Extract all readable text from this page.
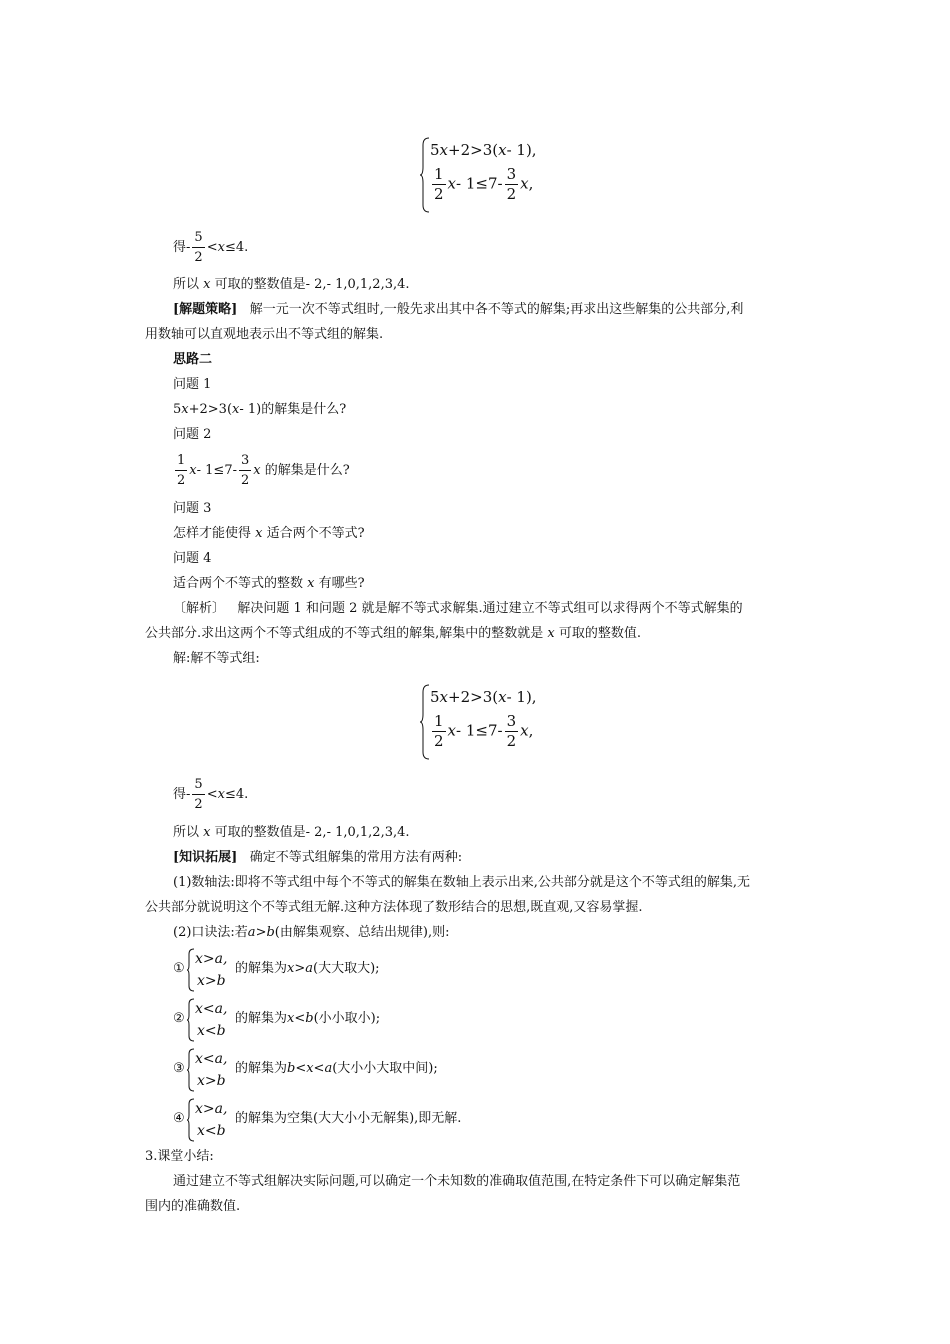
5x+2>3(x- 1),
$\frac{1}{2} x-$ $1\le 7- \frac{3}{2} x$,
得- $\frac{5}{2} <x\le 4$.
所以 x 可取的整数值是- 2,- 1,0,1,2,3,4.
[解题策略] 解一元一次不等式组时,一般先求出其中各不等式的解集;再求出这些解集的公共部分,利
用数轴可以直观地表示出不等式组的解集.
思路二
问题 1
5x+2>3(x- 1)的解集是什么?
问题 2
$\frac{1}{2} x-$ $1\le 7- \frac{3}{2}$ x 的解集是什么?
问题 3
怎样才能使得 x 适合两个不等式?
问题 4
适合两个不等式的整数 x 有哪些?
〔解析〕 解决问题 1 和问题 2 就是解不等式求解集.通过建立不等式组可以求得两个不等式解集的
公共部分.求出这两个不等式组成的不等式组的解集,解集中的整数就是 x 可取的整数值.
解:解不等式组:
5x+2>3(x- 1),
$\frac{1}{2} x-$ $1\le 7- \frac{3}{2} x$,
得- $\frac{5}{2} <x\le 4$.
所以 x 可取的整数值是- 2,- 1,0,1,2,3,4.
[知识拓展] 确定不等式组解集的常用方法有两种:
(1)数轴法:即将不等式组中每个不等式的解集在数轴上表示出来,公共部分就是这个不等式组的解集,无
公共部分就说明这个不等式组无解.这种方法体现了数形结合的思想,既直观,又容易掌握.
(2)口诀法:若a>b(由解集观察、总结出规律),则:
①
x>a,
x>b
的解集为x>a(大大取大);
②
x<a,
x<b
的解集为x<b(小小取小);
③
x<a,
x>b
的解集为b<x<a(大小小大取中间);
④
x>a,
x<b
的解集为空集(大大小小无解集),即无解.
3.课堂小结:
通过建立不等式组解决实际问题,可以确定一个未知数的准确取值范围,在特定条件下可以确定解集范
围内的准确数值.
